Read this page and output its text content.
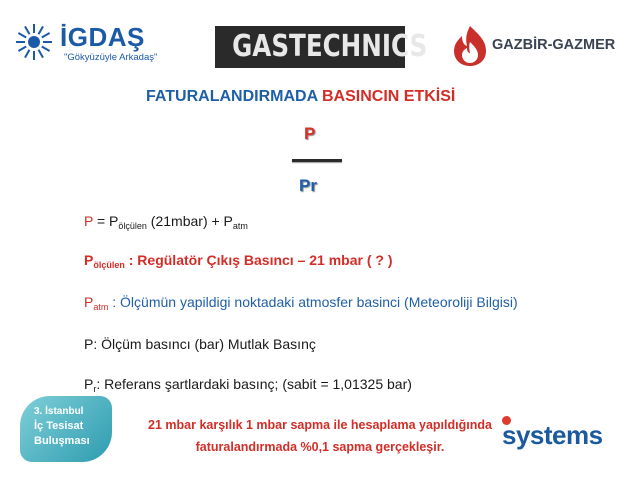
İGDAŞ
"Gökyüzüyle Arkadaş" GASTECHNICS	GAZBİR-GAZMER
FATURALANDIRMADA BASINCIN ETKİSİ
P
Pr
$P = P_{ölçülen}$ (21mbar) + $P_{atm}$
$P_{ölçülen}$ : Regülatör Çıkış Basıncı – 21 mbar ( ? )
$P_{atm}$ : Ölçümün yapildigi noktadaki atmosfer basinci (Meteoroliji Bilgisi)
P: Ölçüm basıncı (bar) Mutlak Basınç
$P_r$: Referans şartlardaki basınç; (sabit = 1,01325 bar)
3. İstanbul
İç Tesisat
Buluşması
21 mbar karşılık 1 mbar sapma ile hesaplama yapıldığında
faturalandırmada %0,1 sapma gerçekleşir.	systems
